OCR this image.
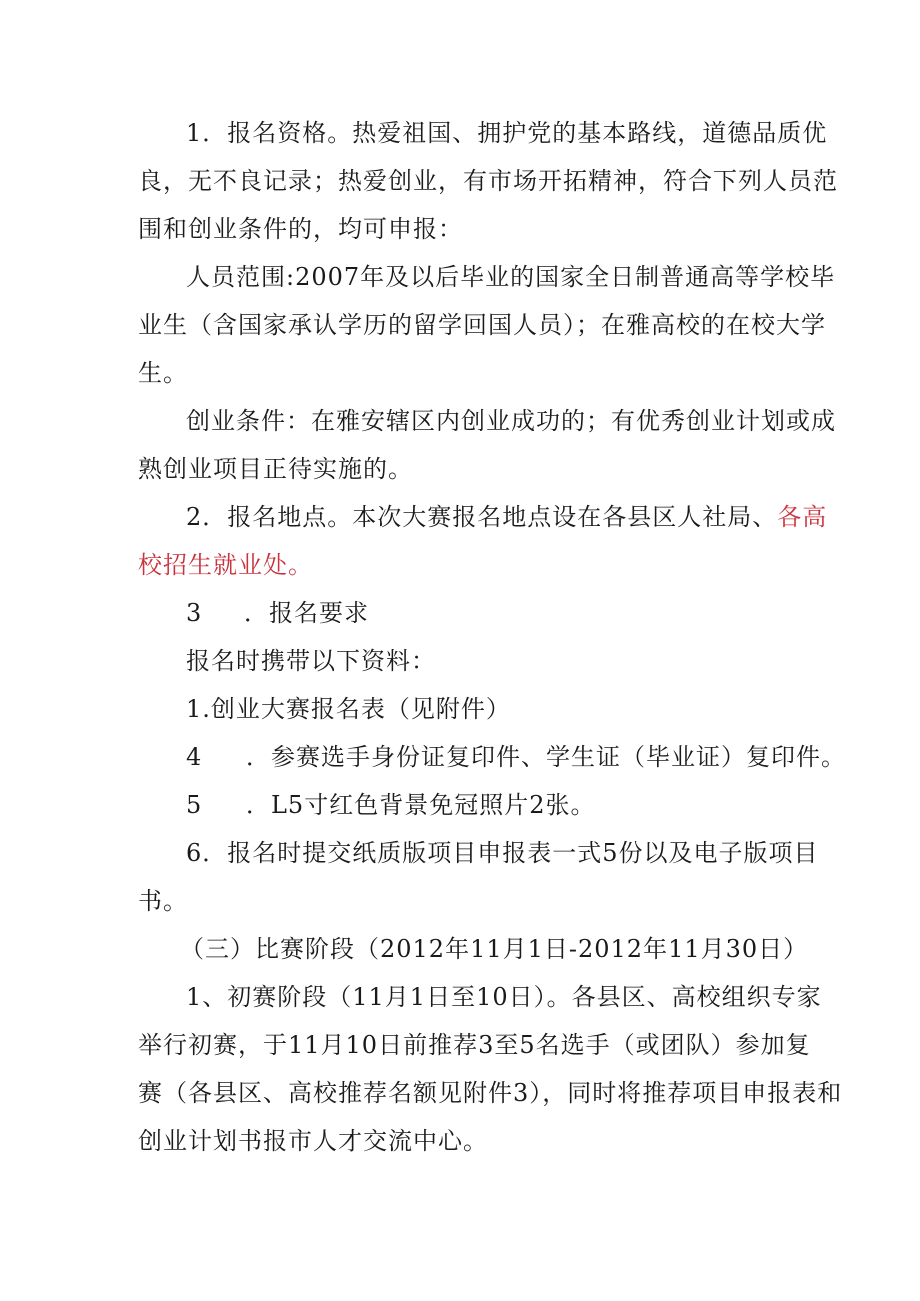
1．报名资格。热爱祖国、拥护党的基本路线，道德品质优
良，无不良记录；热爱创业，有市场开拓精神，符合下列人员范
围和创业条件的，均可申报：
人员范围:2007年及以后毕业的国家全日制普通高等学校毕
业生（含国家承认学历的留学回国人员）；在雅高校的在校大学
生。
创业条件：在雅安辖区内创业成功的；有优秀创业计划或成
熟创业项目正待实施的。
2．报名地点。本次大赛报名地点设在各县区人社局、各高
校招生就业处。
3 ．报名要求
报名时携带以下资料：
1.创业大赛报名表（见附件）
4 ．参赛选手身份证复印件、学生证（毕业证）复印件。
5 ．L5寸红色背景免冠照片2张。
6．报名时提交纸质版项目申报表一式5份以及电子版项目
书。
（三）比赛阶段（2012年11月1日-2012年11月30日）
1、初赛阶段（11月1日至10日）。各县区、高校组织专家
举行初赛，于11月10日前推荐3至5名选手（或团队）参加复
赛（各县区、高校推荐名额见附件3），同时将推荐项目申报表和
创业计划书报市人才交流中心。
